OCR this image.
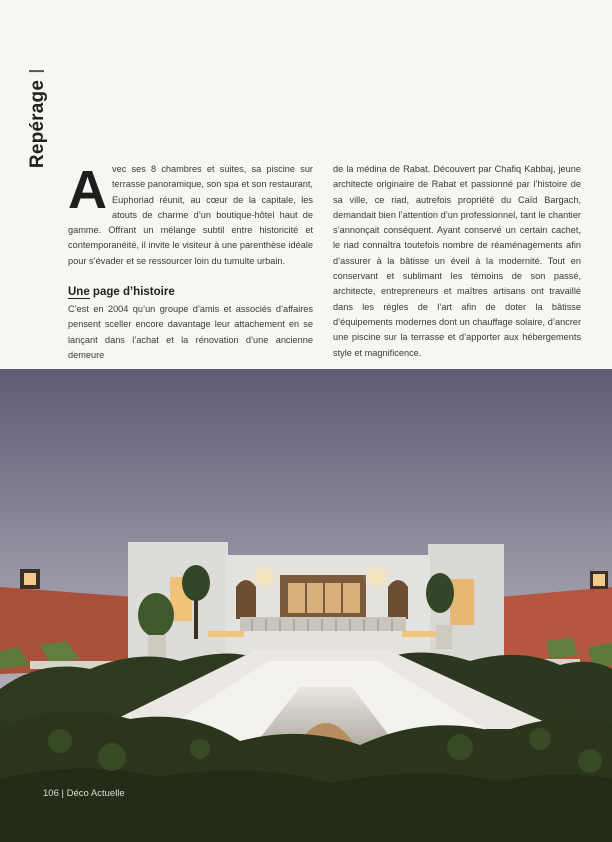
Repérage

Avec ses 8 chambres et suites, sa piscine sur terrasse panoramique, son spa et son restaurant, Euphoriad réunit, au cœur de la capitale, les atouts de charme d’un boutique-hôtel haut de gamme. Offrant un mélange subtil entre historicité et contemporanéité, il invite le visiteur à une parenthèse idéale pour s’évader et se ressourcer loin du tumulte urbain.

Une page d’histoire

C’est en 2004 qu’un groupe d’amis et associés d’affaires pensent sceller encore davantage leur attachement en se lançant dans l’achat et la rénovation d’une ancienne demeure

de la médina de Rabat. Découvert par Chafiq Kabbaj, jeune architecte originaire de Rabat et passionné par l’histoire de sa ville, ce riad, autrefois propriété du Caïd Bargach, demandait bien l’attention d’un professionnel, tant le chantier s’annonçait conséquent. Ayant conservé un certain cachet, le riad connaîtra toutefois nombre de réaménagements afin d’assurer à la bâtisse un éveil à la modernité. Tout en conservant et sublimant les témoins de son passé, architecte, entrepreneurs et maîtres artisans ont travaillé dans les règles de l’art afin de doter la bâtisse d’équipements modernes dont un chauffage solaire, d’ancrer une piscine sur la terrasse et d’apporter aux hébergements style et magnificence.

106 | Déco Actuelle
